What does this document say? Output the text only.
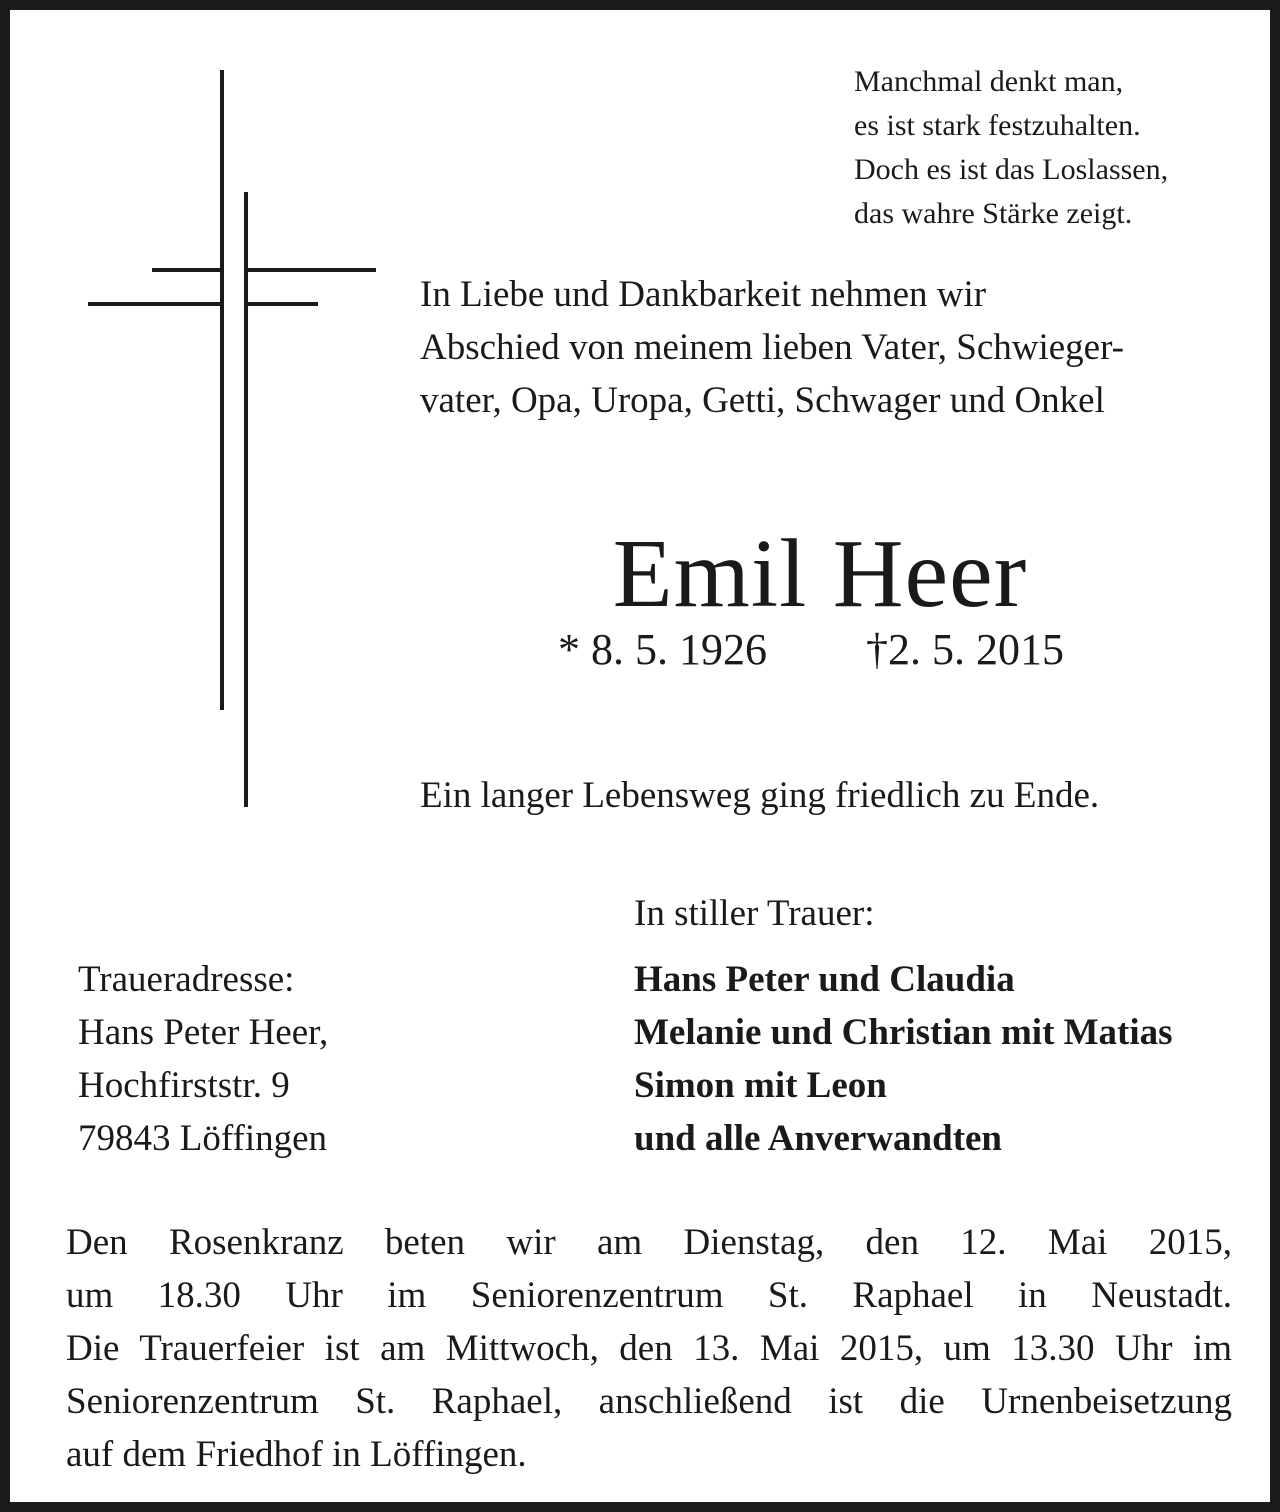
Manchmal denkt man,
es ist stark festzuhalten.
Doch es ist das Loslassen,
das wahre Stärke zeigt.

In Liebe und Dankbarkeit nehmen wir
Abschied von meinem lieben Vater, Schwieger-
vater, Opa, Uropa, Getti, Schwager und Onkel

Emil Heer
* 8. 5. 1926 †2. 5. 2015

Ein langer Lebensweg ging friedlich zu Ende.

In stiller Trauer:

Hans Peter und Claudia
Melanie und Christian mit Matias
Simon mit Leon
und alle Anverwandten

Traueradresse:
Hans Peter Heer,
Hochfirststr. 9
79843 Löffingen

Den Rosenkranz beten wir am Dienstag, den 12. Mai 2015,
um 18.30 Uhr im Seniorenzentrum St. Raphael in Neustadt.
Die Trauerfeier ist am Mittwoch, den 13. Mai 2015, um 13.30 Uhr im
Seniorenzentrum St. Raphael, anschließend ist die Urnenbeisetzung
auf dem Friedhof in Löffingen.
